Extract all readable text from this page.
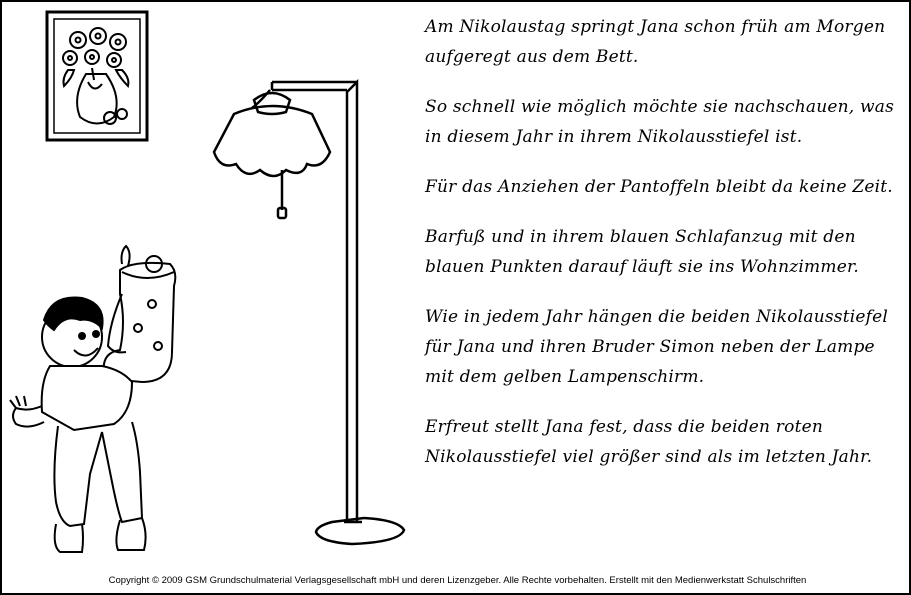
Am Nikolaustag springt Jana schon früh am Morgen
aufgeregt aus dem Bett.

So schnell wie möglich möchte sie nachschauen, was
in diesem Jahr in ihrem Nikolausstiefel ist.

Für das Anziehen der Pantoffeln bleibt da keine Zeit.

Barfuß und in ihrem blauen Schlafanzug mit den
blauen Punkten darauf läuft sie ins Wohnzimmer.

Wie in jedem Jahr hängen die beiden Nikolausstiefel
für Jana und ihren Bruder Simon neben der Lampe
mit dem gelben Lampenschirm.

Erfreut stellt Jana fest, dass die beiden roten
Nikolausstiefel viel größer sind als im letzten Jahr.

Copyright © 2009 GSM Grundschulmaterial Verlagsgesellschaft mbH und deren Lizenzgeber. Alle Rechte vorbehalten. Erstellt mit den Medienwerkstatt Schulschriften
